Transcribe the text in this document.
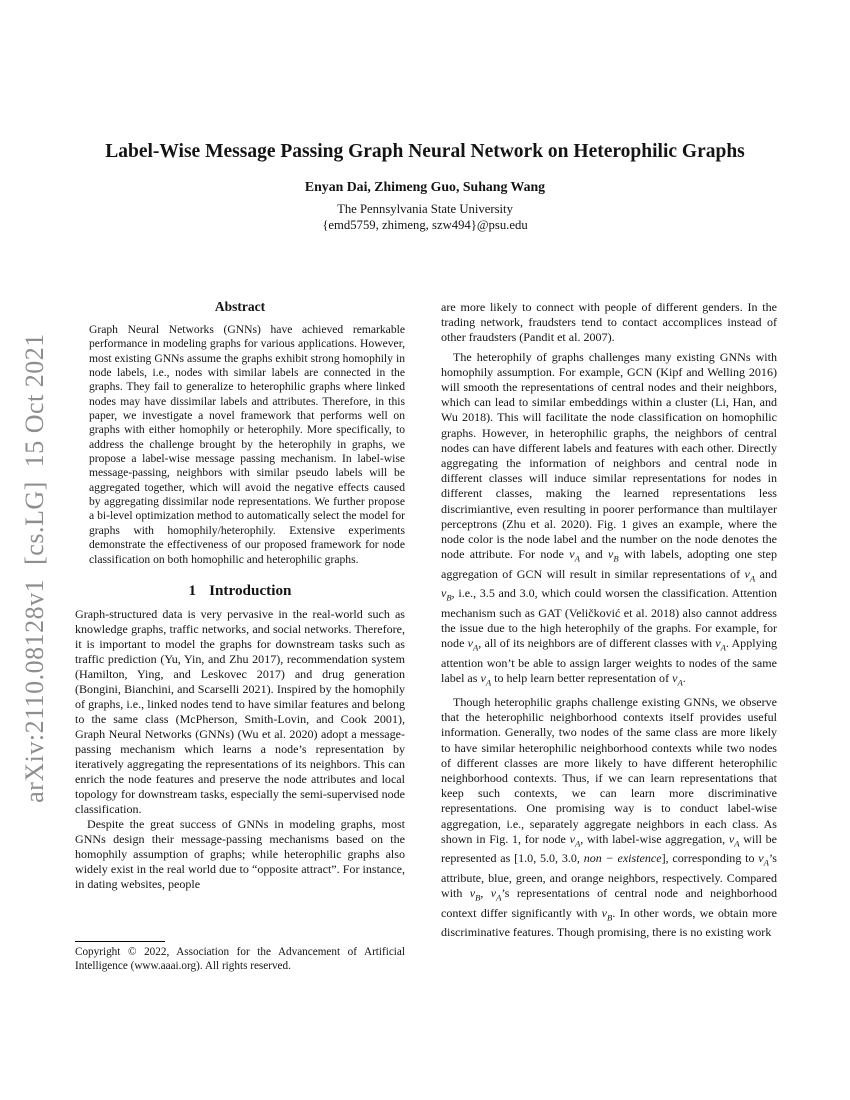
arXiv:2110.08128v1  [cs.LG]  15 Oct 2021
Label-Wise Message Passing Graph Neural Network on Heterophilic Graphs
Enyan Dai, Zhimeng Guo, Suhang Wang
The Pennsylvania State University
{emd5759, zhimeng, szw494}@psu.edu
Abstract

Graph Neural Networks (GNNs) have achieved remarkable performance in modeling graphs for various applications. However, most existing GNNs assume the graphs exhibit strong homophily in node labels, i.e., nodes with similar labels are connected in the graphs. They fail to generalize to heterophilic graphs where linked nodes may have dissimilar labels and attributes. Therefore, in this paper, we investigate a novel framework that performs well on graphs with either homophily or heterophily. More specifically, to address the challenge brought by the heterophily in graphs, we propose a label-wise message passing mechanism. In label-wise message-passing, neighbors with similar pseudo labels will be aggregated together, which will avoid the negative effects caused by aggregating dissimilar node representations. We further propose a bi-level optimization method to automatically select the model for graphs with homophily/heterophily. Extensive experiments demonstrate the effectiveness of our proposed framework for node classification on both homophilic and heterophilic graphs.

1 Introduction

Graph-structured data is very pervasive in the real-world such as knowledge graphs, traffic networks, and social networks. Therefore, it is important to model the graphs for downstream tasks such as traffic prediction (Yu, Yin, and Zhu 2017), recommendation system (Hamilton, Ying, and Leskovec 2017) and drug generation (Bongini, Bianchini, and Scarselli 2021). Inspired by the homophily of graphs, i.e., linked nodes tend to have similar features and belong to the same class (McPherson, Smith-Lovin, and Cook 2001), Graph Neural Networks (GNNs) (Wu et al. 2020) adopt a message-passing mechanism which learns a node’s representation by iteratively aggregating the representations of its neighbors. This can enrich the node features and preserve the node attributes and local topology for downstream tasks, especially the semi-supervised node classification.

Despite the great success of GNNs in modeling graphs, most GNNs design their message-passing mechanisms based on the homophily assumption of graphs; while heterophilic graphs also widely exist in the real world due to “opposite attract”. For instance, in dating websites, people

are more likely to connect with people of different genders. In the trading network, fraudsters tend to contact accomplices instead of other fraudsters (Pandit et al. 2007).

The heterophily of graphs challenges many existing GNNs with homophily assumption. For example, GCN (Kipf and Welling 2016) will smooth the representations of central nodes and their neighbors, which can lead to similar embeddings within a cluster (Li, Han, and Wu 2018). This will facilitate the node classification on homophilic graphs. However, in heterophilic graphs, the neighbors of central nodes can have different labels and features with each other. Directly aggregating the information of neighbors and central node in different classes will induce similar representations for nodes in different classes, making the learned representations less discrimiantive, even resulting in poorer performance than multilayer perceptrons (Zhu et al. 2020). Fig. 1 gives an example, where the node color is the node label and the number on the node denotes the node attribute. For node $v_A$ and $v_B$ with labels, adopting one step aggregation of GCN will result in similar representations of $v_A$ and $v_B$, i.e., 3.5 and 3.0, which could worsen the classification. Attention mechanism such as GAT (Veličković et al. 2018) also cannot address the issue due to the high heterophily of the graphs. For example, for node $v_A$, all of its neighbors are of different classes with $v_A$. Applying attention won’t be able to assign larger weights to nodes of the same label as $v_A$ to help learn better representation of $v_A$.

Though heterophilic graphs challenge existing GNNs, we observe that the heterophilic neighborhood contexts itself provides useful information. Generally, two nodes of the same class are more likely to have similar heterophilic neighborhood contexts while two nodes of different classes are more likely to have different heterophilic neighborhood contexts. Thus, if we can learn representations that keep such contexts, we can learn more discriminative representations. One promising way is to conduct label-wise aggregation, i.e., separately aggregate neighbors in each class. As shown in Fig. 1, for node $v_A$, with label-wise aggregation, $v_A$ will be represented as [1.0, 5.0, 3.0, non − existence], corresponding to $v_A’s$ attribute, blue, green, and orange neighbors, respectively. Compared with $v_B$, $v_A’s$ representations of central node and neighborhood context differ significantly with $v_B$. In other words, we obtain more discriminative features. Though promising, there is no existing work

Copyright © 2022, Association for the Advancement of Artificial Intelligence (www.aaai.org). All rights reserved.
